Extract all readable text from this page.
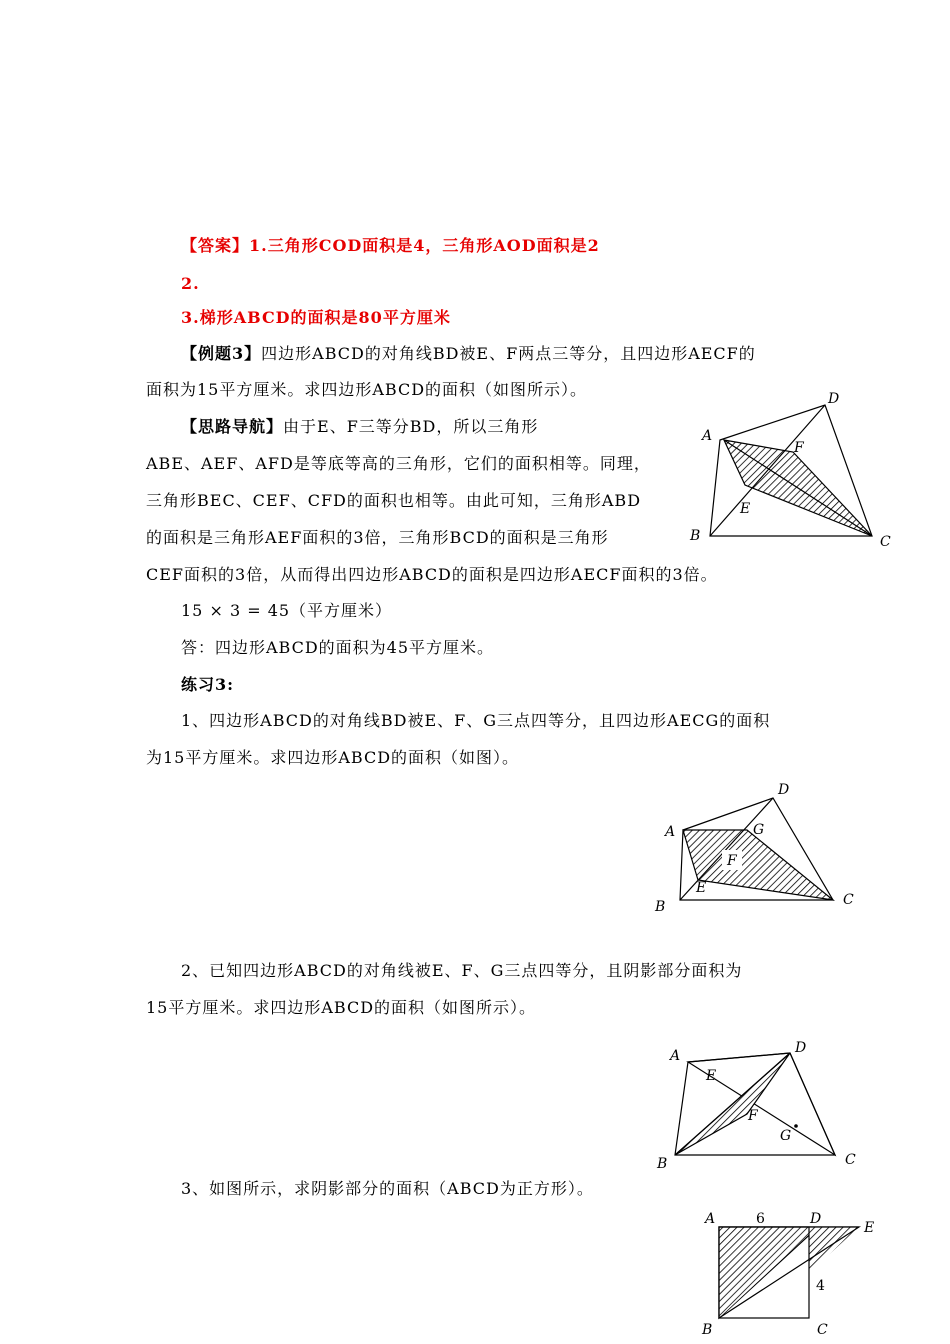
【答案】1.三角形COD面积是4，三角形AOD面积是2
2.
3.梯形ABCD的面积是80平方厘米
【例题3】四边形ABCD的对角线BD被E、F两点三等分，且四边形AECF的
面积为15平方厘米。求四边形ABCD的面积（如图所示）。
【思路导航】由于E、F三等分BD，所以三角形
ABE、AEF、AFD是等底等高的三角形，它们的面积相等。同理，
三角形BEC、CEF、CFD的面积也相等。由此可知，三角形ABD
的面积是三角形AEF面积的3倍，三角形BCD的面积是三角形
CEF面积的3倍，从而得出四边形ABCD的面积是四边形AECF面积的3倍。
15 × 3 = 45（平方厘米）
答：四边形ABCD的面积为45平方厘米。
A
B	C
D
E
F
练习3:
1、四边形ABCD的对角线BD被E、F、G三点四等分，且四边形AECG的面积
为15平方厘米。求四边形ABCD的面积（如图）。
A
B	C
D
E
F
G
2、已知四边形ABCD的对角线被E、F、G三点四等分，且阴影部分面积为
15平方厘米。求四边形ABCD的面积（如图所示）。
A
B	C
D
E
F
G
3、如图所示，求阴影部分的面积（ABCD为正方形）。
A
B	C
D
E
6
4
